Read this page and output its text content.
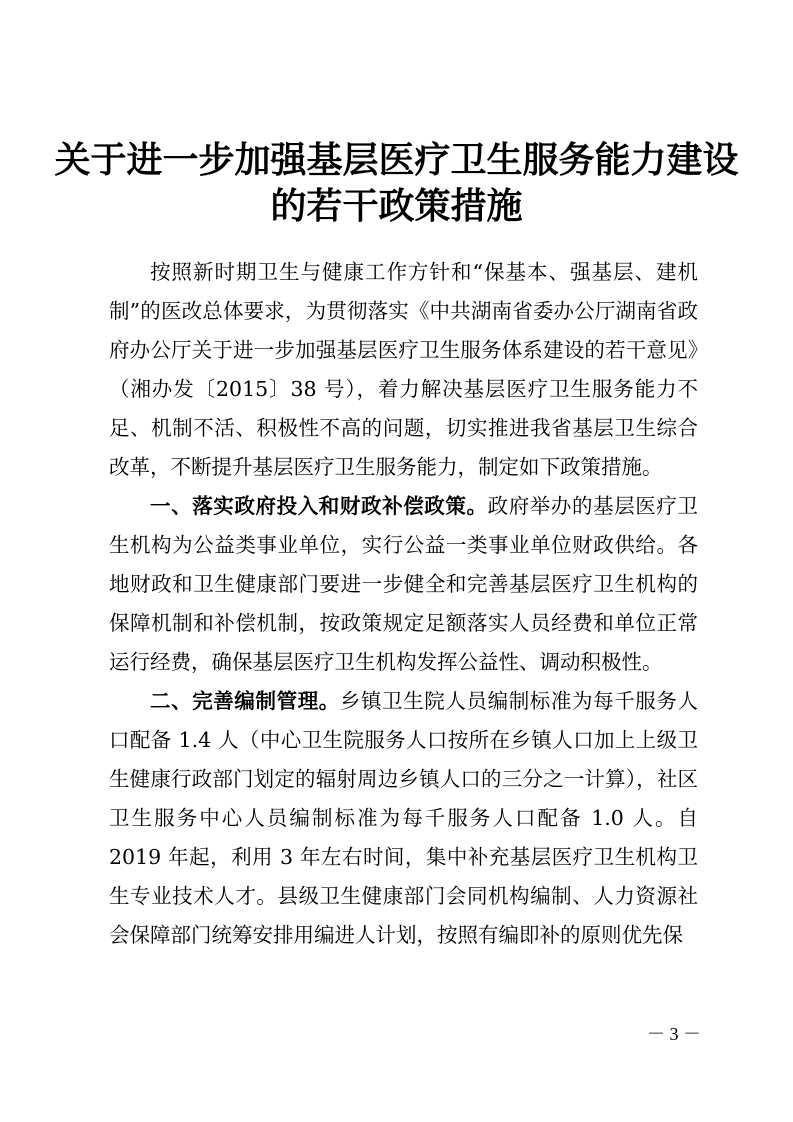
关于进一步加强基层医疗卫生服务能力建设
的若干政策措施

按照新时期卫生与健康工作方针和“保基本、强基层、建机制”的医改总体要求，为贯彻落实《中共湖南省委办公厅湖南省政府办公厅关于进一步加强基层医疗卫生服务体系建设的若干意见》（湘办发〔2015〕38 号），着力解决基层医疗卫生服务能力不足、机制不活、积极性不高的问题，切实推进我省基层卫生综合改革，不断提升基层医疗卫生服务能力，制定如下政策措施。

一、落实政府投入和财政补偿政策。政府举办的基层医疗卫生机构为公益类事业单位，实行公益一类事业单位财政供给。各地财政和卫生健康部门要进一步健全和完善基层医疗卫生机构的保障机制和补偿机制，按政策规定足额落实人员经费和单位正常运行经费，确保基层医疗卫生机构发挥公益性、调动积极性。

二、完善编制管理。乡镇卫生院人员编制标准为每千服务人口配备 1.4 人（中心卫生院服务人口按所在乡镇人口加上上级卫生健康行政部门划定的辐射周边乡镇人口的三分之一计算），社区卫生服务中心人员编制标准为每千服务人口配备 1.0 人。自 2019 年起，利用 3 年左右时间，集中补充基层医疗卫生机构卫生专业技术人才。县级卫生健康部门会同机构编制、人力资源社会保障部门统筹安排用编进人计划，按照有编即补的原则优先保

－ 3 －
